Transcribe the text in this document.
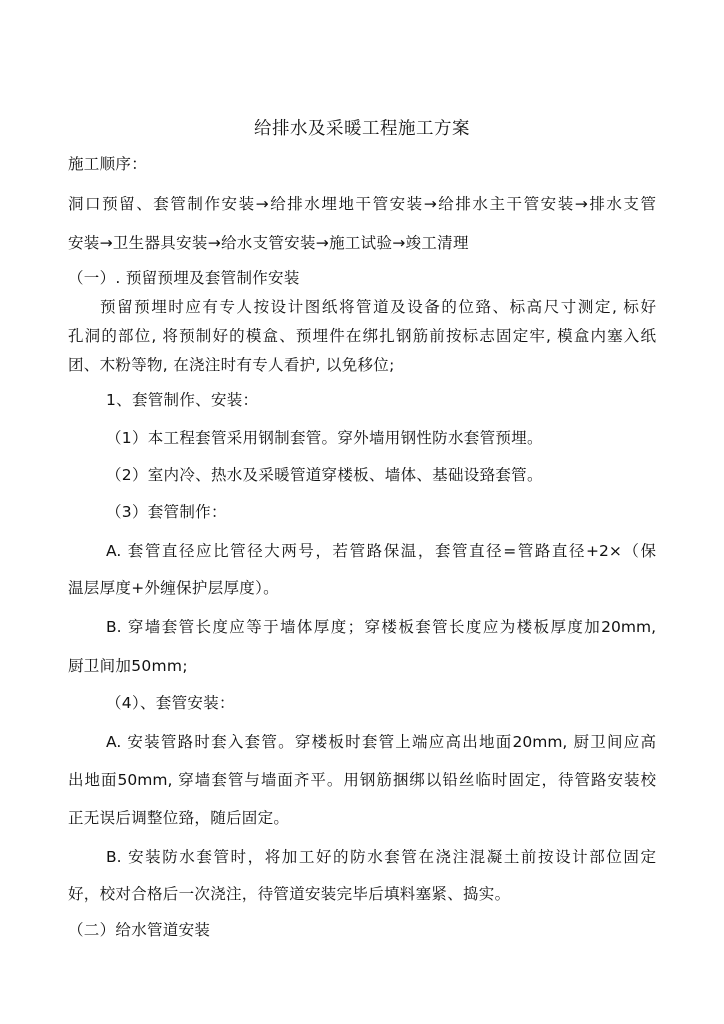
给排水及采暖工程施工方案
施工顺序：
洞口预留、套管制作安装→给排水埋地干管安装→给排水主干管安装→排水支管
安装→卫生器具安装→给水支管安装→施工试验→竣工清理
（一）. 预留预埋及套管制作安装
预留预埋时应有专人按设计图纸将管道及设备的位臵、标高尺寸测定, 标好
孔洞的部位, 将预制好的模盒、预埋件在绑扎钢筋前按标志固定牢, 模盒内塞入纸
团、木粉等物, 在浇注时有专人看护, 以免移位;
1、套管制作、安装：
（1）本工程套管采用钢制套管。穿外墙用钢性防水套管预埋。
（2）室内冷、热水及采暖管道穿楼板、墙体、基础设臵套管。
（3）套管制作：
A. 套管直径应比管径大两号，若管路保温，套管直径=管路直径+2×（保
温层厚度+外缠保护层厚度）。
B. 穿墙套管长度应等于墙体厚度；穿楼板套管长度应为楼板厚度加20mm,
厨卫间加50mm;
（4）、套管安装：
A. 安装管路时套入套管。穿楼板时套管上端应高出地面20mm, 厨卫间应高
出地面50mm, 穿墙套管与墙面齐平。用钢筋捆绑以铅丝临时固定，待管路安装校
正无误后调整位臵，随后固定。
B. 安装防水套管时，将加工好的防水套管在浇注混凝土前按设计部位固定
好，校对合格后一次浇注，待管道安装完毕后填料塞紧、捣实。
（二）给水管道安装
